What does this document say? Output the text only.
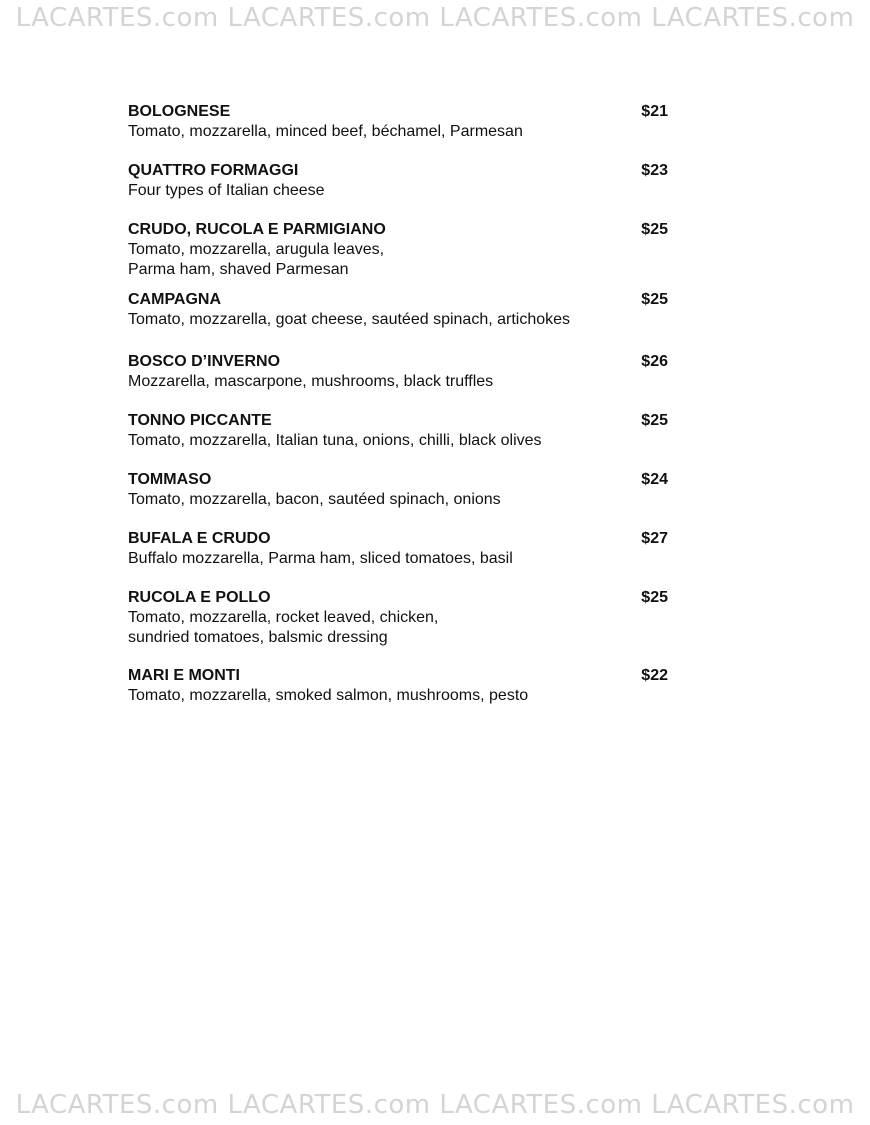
LACARTES.com LACARTES.com LACARTES.com LACARTES.com
BOLOGNESE	$21
Tomato, mozzarella, minced beef, béchamel, Parmesan
QUATTRO FORMAGGI	$23
Four types of Italian cheese
CRUDO, RUCOLA E PARMIGIANO	$25
Tomato, mozzarella, arugula leaves,
Parma ham, shaved Parmesan
CAMPAGNA	$25
Tomato, mozzarella, goat cheese, sautéed spinach, artichokes
BOSCO D’INVERNO	$26
Mozzarella, mascarpone, mushrooms, black truffles
TONNO PICCANTE	$25
Tomato, mozzarella, Italian tuna, onions, chilli, black olives
TOMMASO	$24
Tomato, mozzarella, bacon, sautéed spinach, onions
BUFALA E CRUDO	$27
Buffalo mozzarella, Parma ham, sliced tomatoes, basil
RUCOLA E POLLO	$25
Tomato, mozzarella, rocket leaved, chicken,
sundried tomatoes, balsmic dressing
MARI E MONTI	$22
Tomato, mozzarella, smoked salmon, mushrooms, pesto
LACARTES.com LACARTES.com LACARTES.com LACARTES.com
